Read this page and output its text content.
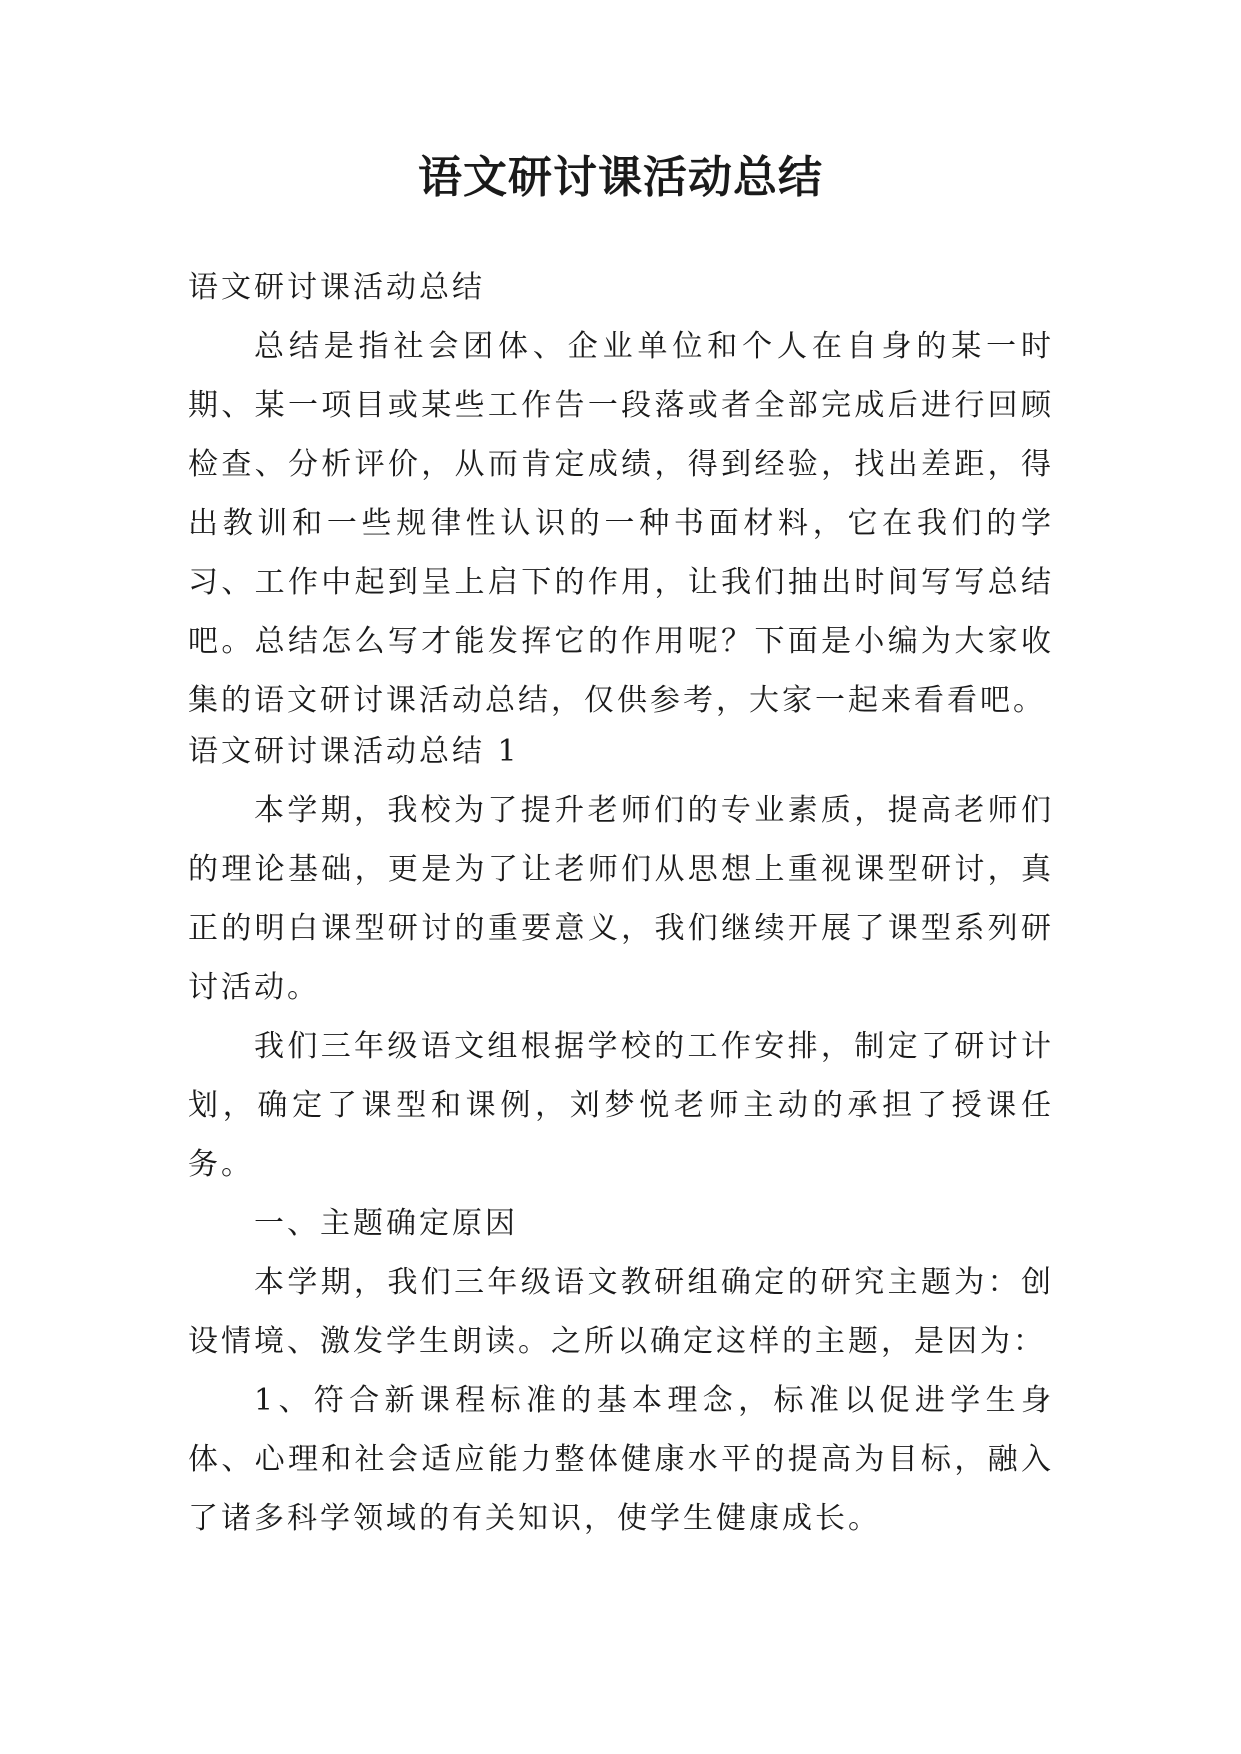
语文研讨课活动总结

语文研讨课活动总结

总结是指社会团体、企业单位和个人在自身的某一时期、某一项目或某些工作告一段落或者全部完成后进行回顾检查、分析评价，从而肯定成绩，得到经验，找出差距，得出教训和一些规律性认识的一种书面材料，它在我们的学习、工作中起到呈上启下的作用，让我们抽出时间写写总结吧。总结怎么写才能发挥它的作用呢？下面是小编为大家收集的语文研讨课活动总结，仅供参考，大家一起来看看吧。

语文研讨课活动总结 1

本学期，我校为了提升老师们的专业素质，提高老师们的理论基础，更是为了让老师们从思想上重视课型研讨，真正的明白课型研讨的重要意义，我们继续开展了课型系列研讨活动。

我们三年级语文组根据学校的工作安排，制定了研讨计划，确定了课型和课例，刘梦悦老师主动的承担了授课任务。

一、主题确定原因

本学期，我们三年级语文教研组确定的研究主题为：创设情境、激发学生朗读。之所以确定这样的主题，是因为：

1、符合新课程标准的基本理念，标准以促进学生身体、心理和社会适应能力整体健康水平的提高为目标，融入了诸多科学领域的有关知识，使学生健康成长。
